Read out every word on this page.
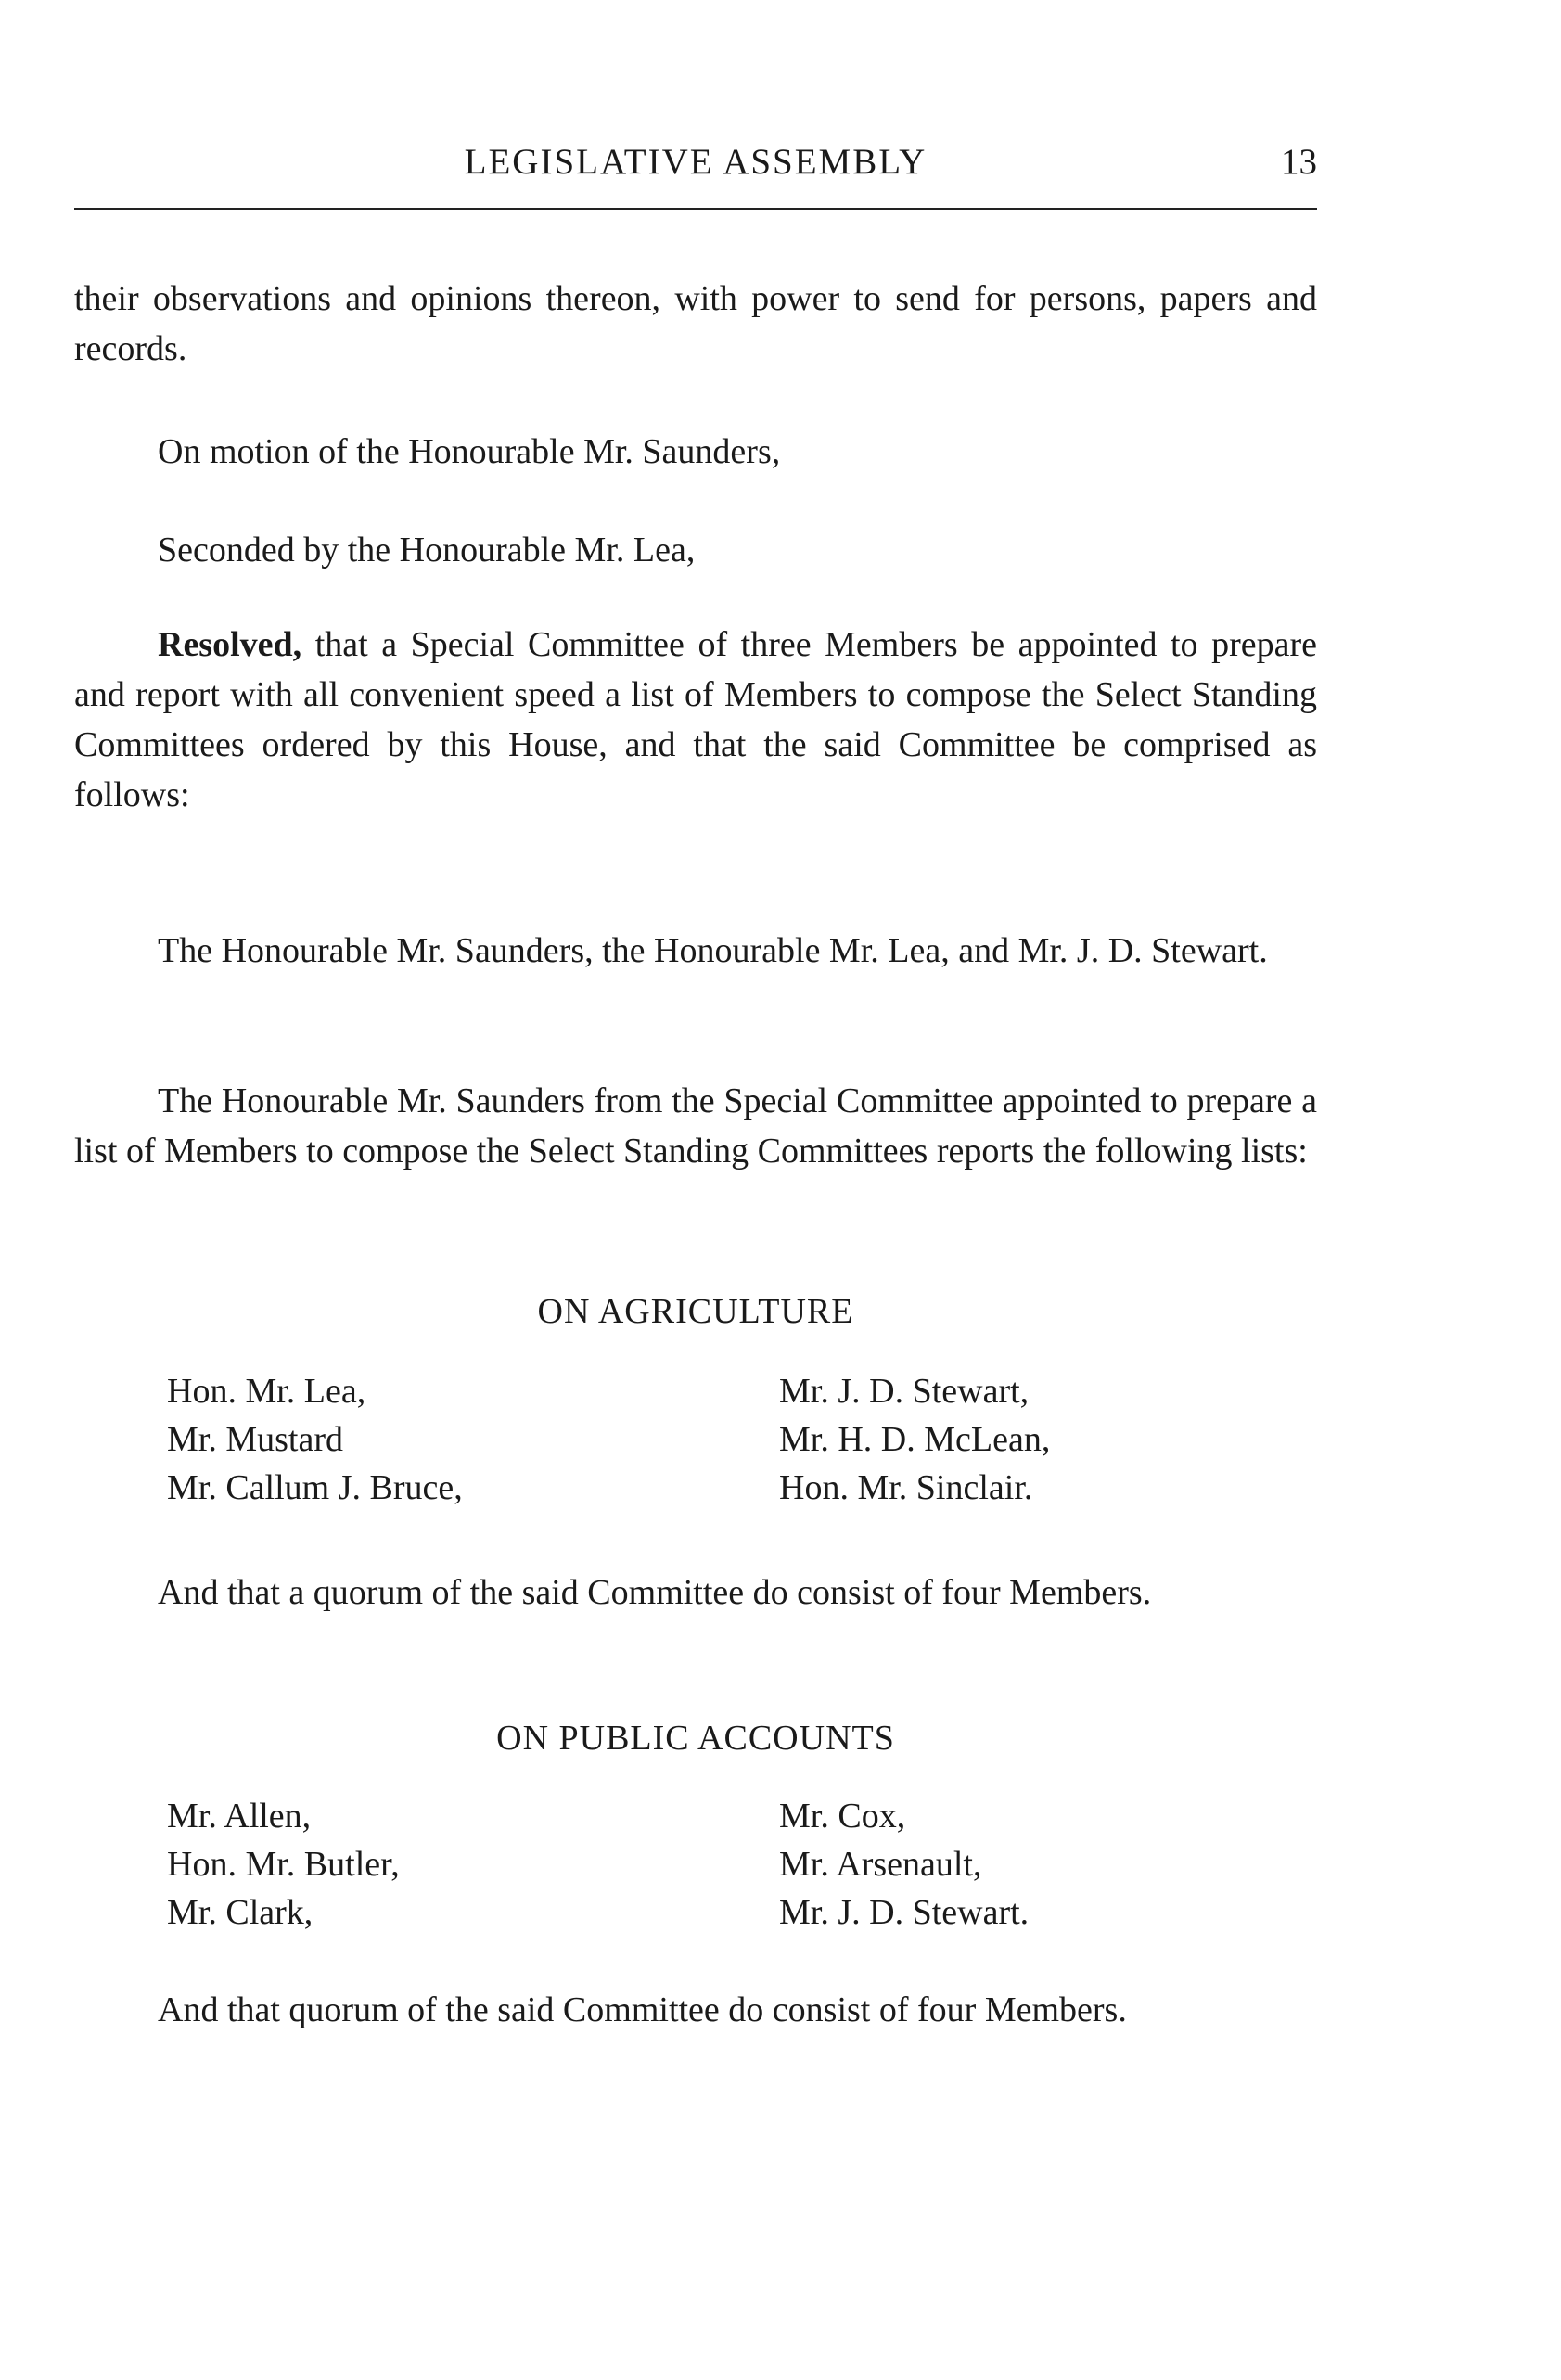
LEGISLATIVE ASSEMBLY	13

their observations and opinions thereon, with power to send for persons, papers and records.

On motion of the Honourable Mr. Saunders,

Seconded by the Honourable Mr. Lea,

Resolved, that a Special Committee of three Members be appointed to prepare and report with all convenient speed a list of Members to compose the Select Standing Committees ordered by this House, and that the said Committee be comprised as follows:

The Honourable Mr. Saunders, the Honourable Mr. Lea, and Mr. J. D. Stewart.

The Honourable Mr. Saunders from the Special Committee appointed to prepare a list of Members to compose the Select Standing Committees reports the following lists:

ON AGRICULTURE
Hon. Mr. Lea,
Mr. Mustard
Mr. Callum J. Bruce,
Mr. J. D. Stewart,
Mr. H. D. McLean,
Hon. Mr. Sinclair.

And that a quorum of the said Committee do consist of four Members.

ON PUBLIC ACCOUNTS
Mr. Allen,
Hon. Mr. Butler,
Mr. Clark,
Mr. Cox,
Mr. Arsenault,
Mr. J. D. Stewart.

And that quorum of the said Committee do consist of four Members.
